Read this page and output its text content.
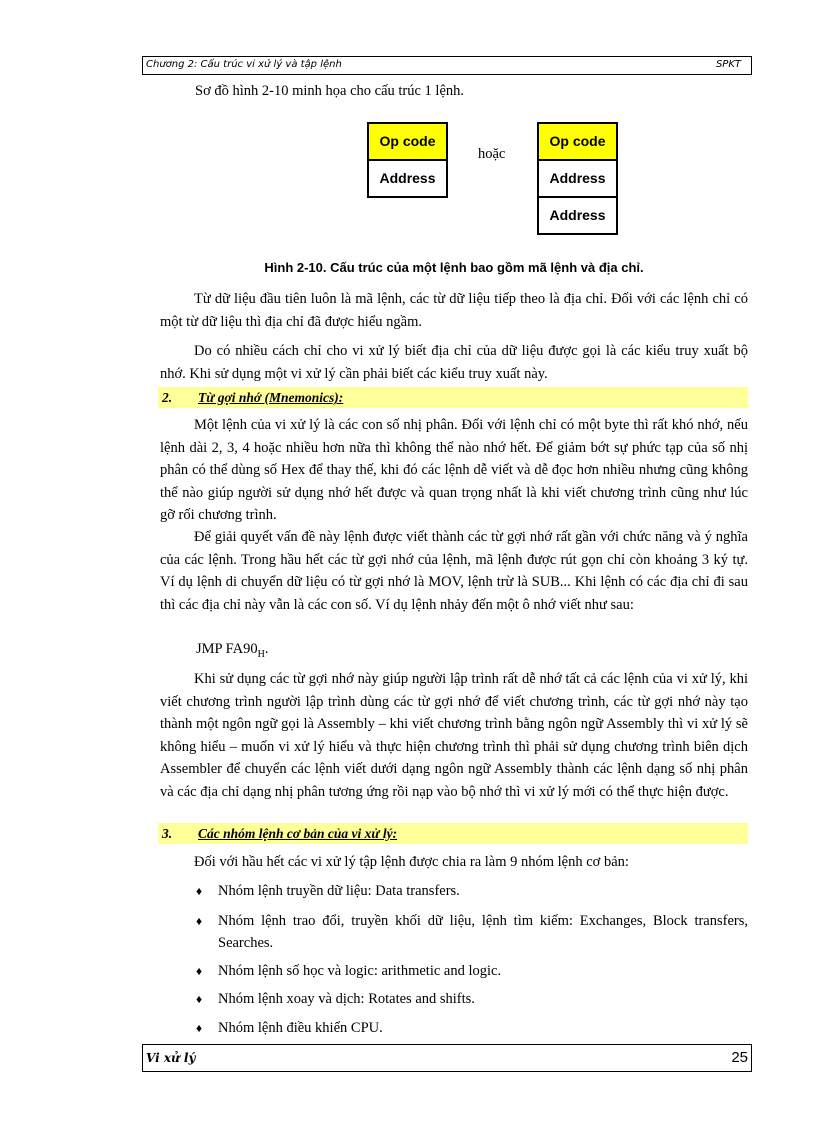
Chương 2: Cấu trúc vi xử lý và tập lệnh	SPKT
Sơ đồ hình 2-10 minh họa cho cấu trúc 1 lệnh.
Op code
Address
hoặc
Op code
Address
Address
Hình 2-10. Cấu trúc của một lệnh bao gồm mã lệnh và địa chỉ.
Từ dữ liệu đầu tiên luôn là mã lệnh, các từ dữ liệu tiếp theo là địa chỉ. Đối với các lệnh chỉ có một từ dữ liệu thì địa chỉ đã được hiểu ngầm.
Do có nhiều cách chỉ cho vi xử lý biết địa chỉ của dữ liệu được gọi là các kiểu truy xuất bộ nhớ. Khi sử dụng một vi xử lý cần phải biết các kiểu truy xuất này.
2. Từ gợi nhớ (Mnemonics):
Một lệnh của vi xử lý là các con số nhị phân. Đối với lệnh chỉ có một byte thì rất khó nhớ, nếu lệnh dài 2, 3, 4 hoặc nhiều hơn nữa thì không thể nào nhớ hết. Để giảm bớt sự phức tạp của số nhị phân có thể dùng số Hex để thay thế, khi đó các lệnh dễ viết và dễ đọc hơn nhiều nhưng cũng không thể nào giúp người sử dụng nhớ hết được và quan trọng nhất là khi viết chương trình cũng như lúc gỡ rối chương trình.
Để giải quyết vấn đề này lệnh được viết thành các từ gợi nhớ rất gần với chức năng và ý nghĩa của các lệnh. Trong hầu hết các từ gợi nhớ của lệnh, mã lệnh được rút gọn chỉ còn khoảng 3 ký tự. Ví dụ lệnh di chuyển dữ liệu có từ gợi nhớ là MOV, lệnh trừ là SUB... Khi lệnh có các địa chỉ đi sau thì các địa chỉ này vẫn là các con số. Ví dụ lệnh nhảy đến một ô nhớ viết như sau:
JMP $FA90_H$.
Khi sử dụng các từ gợi nhớ này giúp người lập trình rất dễ nhớ tất cả các lệnh của vi xử lý, khi viết chương trình người lập trình dùng các từ gợi nhớ để viết chương trình, các từ gợi nhớ này tạo thành một ngôn ngữ gọi là Assembly – khi viết chương trình bằng ngôn ngữ Assembly thì vi xử lý sẽ không hiểu – muốn vi xử lý hiểu và thực hiện chương trình thì phải sử dụng chương trình biên dịch Assembler để chuyển các lệnh viết dưới dạng ngôn ngữ Assembly thành các lệnh dạng số nhị phân và các địa chỉ dạng nhị phân tương ứng rồi nạp vào bộ nhớ thì vi xử lý mới có thể thực hiện được.
3. Các nhóm lệnh cơ bản của vi xử lý:
Đối với hầu hết các vi xử lý tập lệnh được chia ra làm 9 nhóm lệnh cơ bản:
♦	Nhóm lệnh truyền dữ liệu: Data transfers.
♦	Nhóm lệnh trao đổi, truyền khối dữ liệu, lệnh tìm kiếm: Exchanges, Block transfers, Searches.
♦	Nhóm lệnh số học và logic: arithmetic and logic.
♦	Nhóm lệnh xoay và dịch: Rotates and shifts.
♦	Nhóm lệnh điều khiển CPU.
Vi xử lý	25
